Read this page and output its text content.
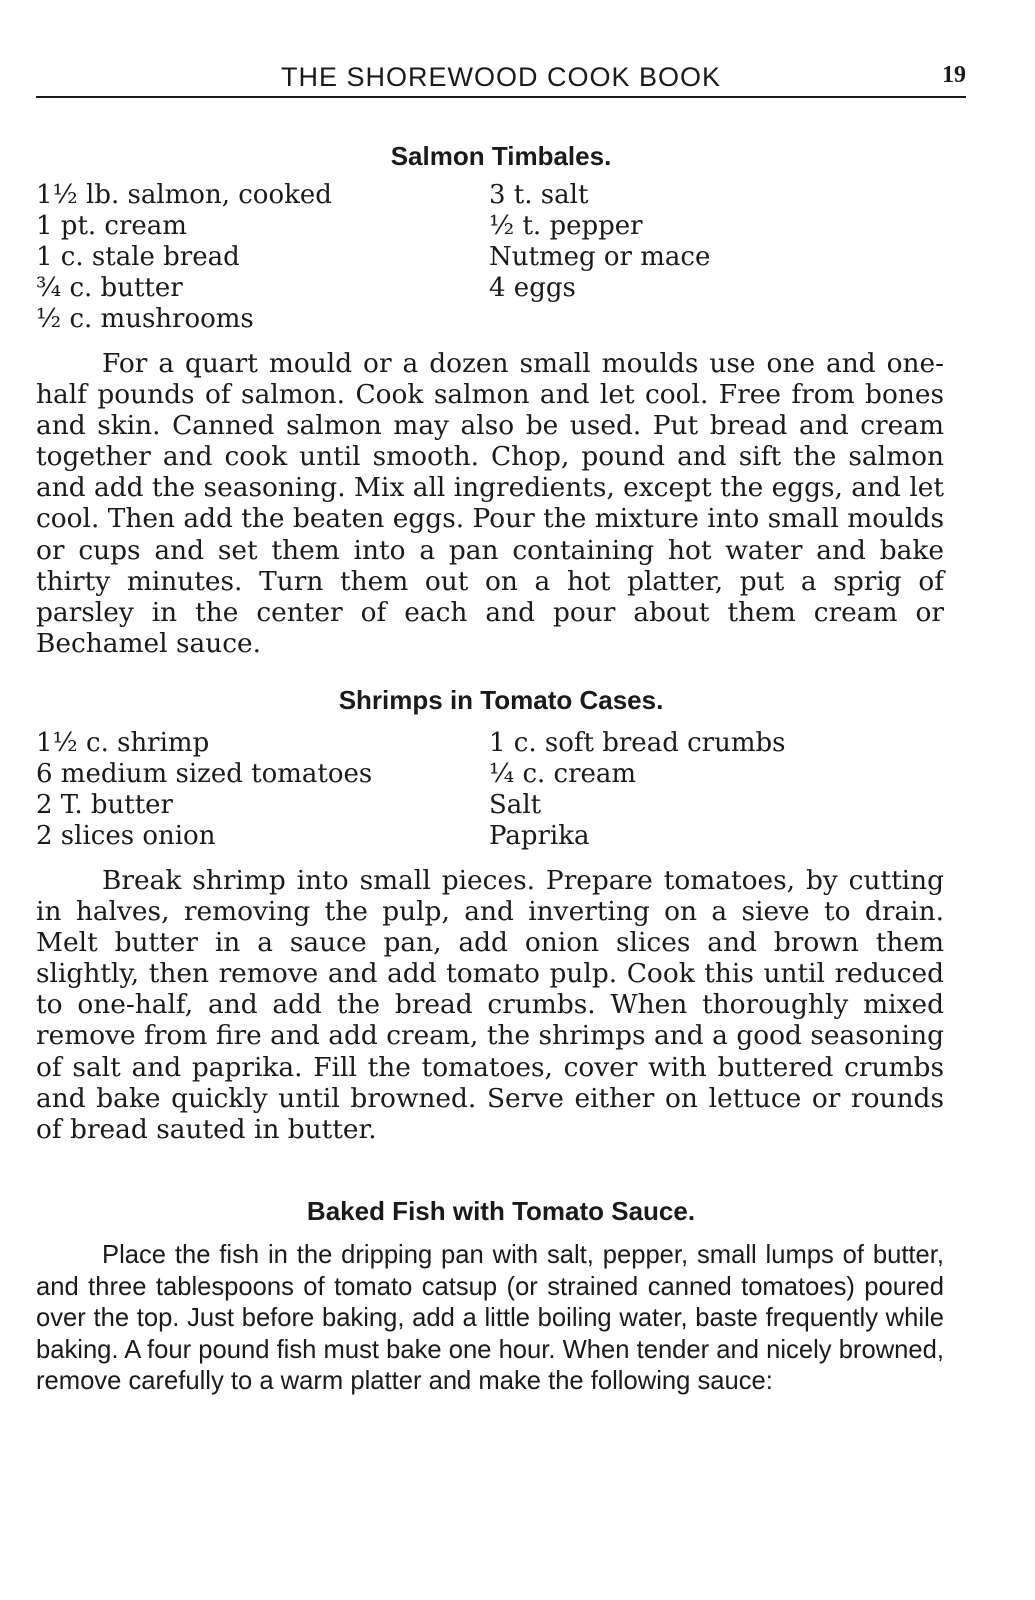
THE SHOREWOOD COOK BOOK	19
Salmon Timbales.
1½ lb. salmon, cooked
1 pt. cream
1 c. stale bread
¾ c. butter
½ c. mushrooms
3 t. salt
½ t. pepper
Nutmeg or mace
4 eggs

For a quart mould or a dozen small moulds use one and one-half pounds of salmon. Cook salmon and let cool. Free from bones and skin. Canned salmon may also be used. Put bread and cream together and cook until smooth. Chop, pound and sift the salmon and add the seasoning. Mix all ingredients, except the eggs, and let cool. Then add the beaten eggs. Pour the mixture into small moulds or cups and set them into a pan containing hot water and bake thirty minutes. Turn them out on a hot platter, put a sprig of parsley in the center of each and pour about them cream or Bechamel sauce.

Shrimps in Tomato Cases.
1½ c. shrimp
6 medium sized tomatoes
2 T. butter
2 slices onion
1 c. soft bread crumbs
¼ c. cream
Salt
Paprika

Break shrimp into small pieces. Prepare tomatoes, by cutting in halves, removing the pulp, and inverting on a sieve to drain. Melt butter in a sauce pan, add onion slices and brown them slightly, then remove and add tomato pulp. Cook this until reduced to one-half, and add the bread crumbs. When thoroughly mixed remove from fire and add cream, the shrimps and a good seasoning of salt and paprika. Fill the tomatoes, cover with buttered crumbs and bake quickly until browned. Serve either on lettuce or rounds of bread sauted in butter.

Baked Fish with Tomato Sauce.

Place the fish in the dripping pan with salt, pepper, small lumps of butter, and three tablespoons of tomato catsup (or strained canned tomatoes) poured over the top. Just before baking, add a little boiling water, baste frequently while baking. A four pound fish must bake one hour. When tender and nicely browned, remove carefully to a warm platter and make the following sauce:
